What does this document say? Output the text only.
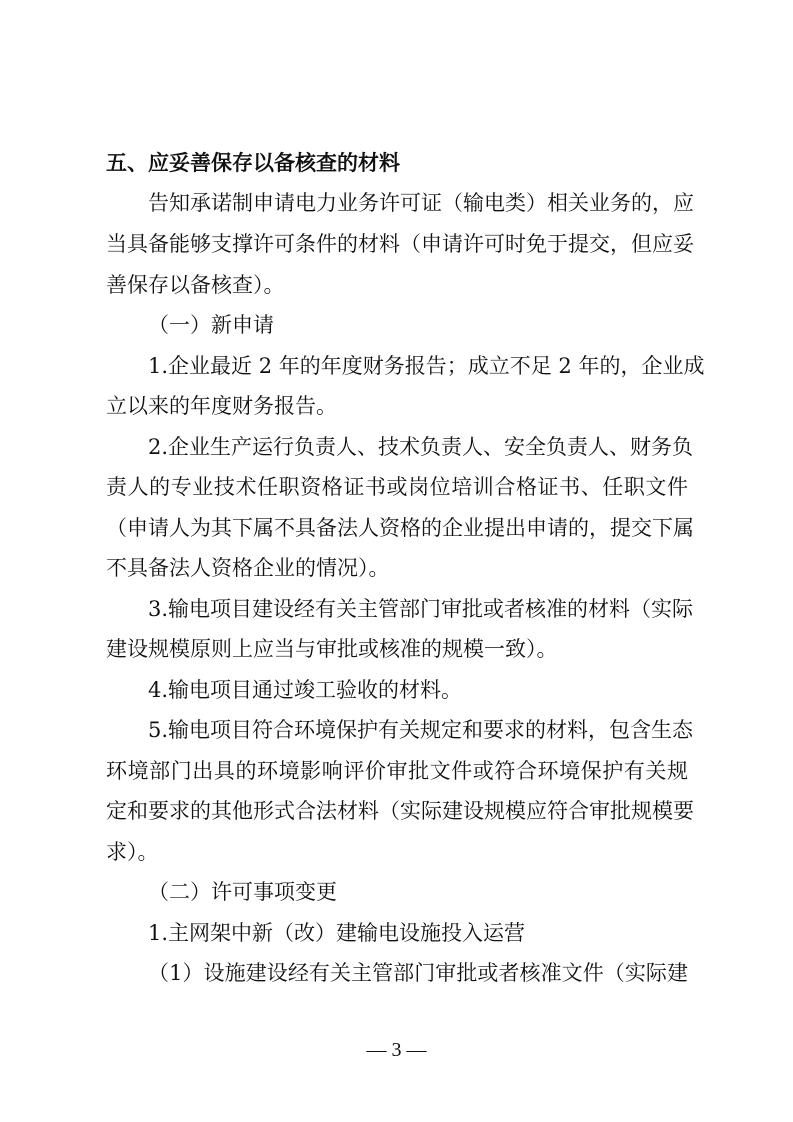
五、应妥善保存以备核查的材料
告知承诺制申请电力业务许可证（输电类）相关业务的，应
当具备能够支撑许可条件的材料（申请许可时免于提交，但应妥
善保存以备核查）。
（一）新申请
1.企业最近 2 年的年度财务报告；成立不足 2 年的，企业成
立以来的年度财务报告。
2.企业生产运行负责人、技术负责人、安全负责人、财务负
责人的专业技术任职资格证书或岗位培训合格证书、任职文件
（申请人为其下属不具备法人资格的企业提出申请的，提交下属
不具备法人资格企业的情况）。
3.输电项目建设经有关主管部门审批或者核准的材料（实际
建设规模原则上应当与审批或核准的规模一致）。
4.输电项目通过竣工验收的材料。
5.输电项目符合环境保护有关规定和要求的材料，包含生态
环境部门出具的环境影响评价审批文件或符合环境保护有关规
定和要求的其他形式合法材料（实际建设规模应符合审批规模要
求）。
（二）许可事项变更
1.主网架中新（改）建输电设施投入运营
（1）设施建设经有关主管部门审批或者核准文件（实际建
— 3 —
